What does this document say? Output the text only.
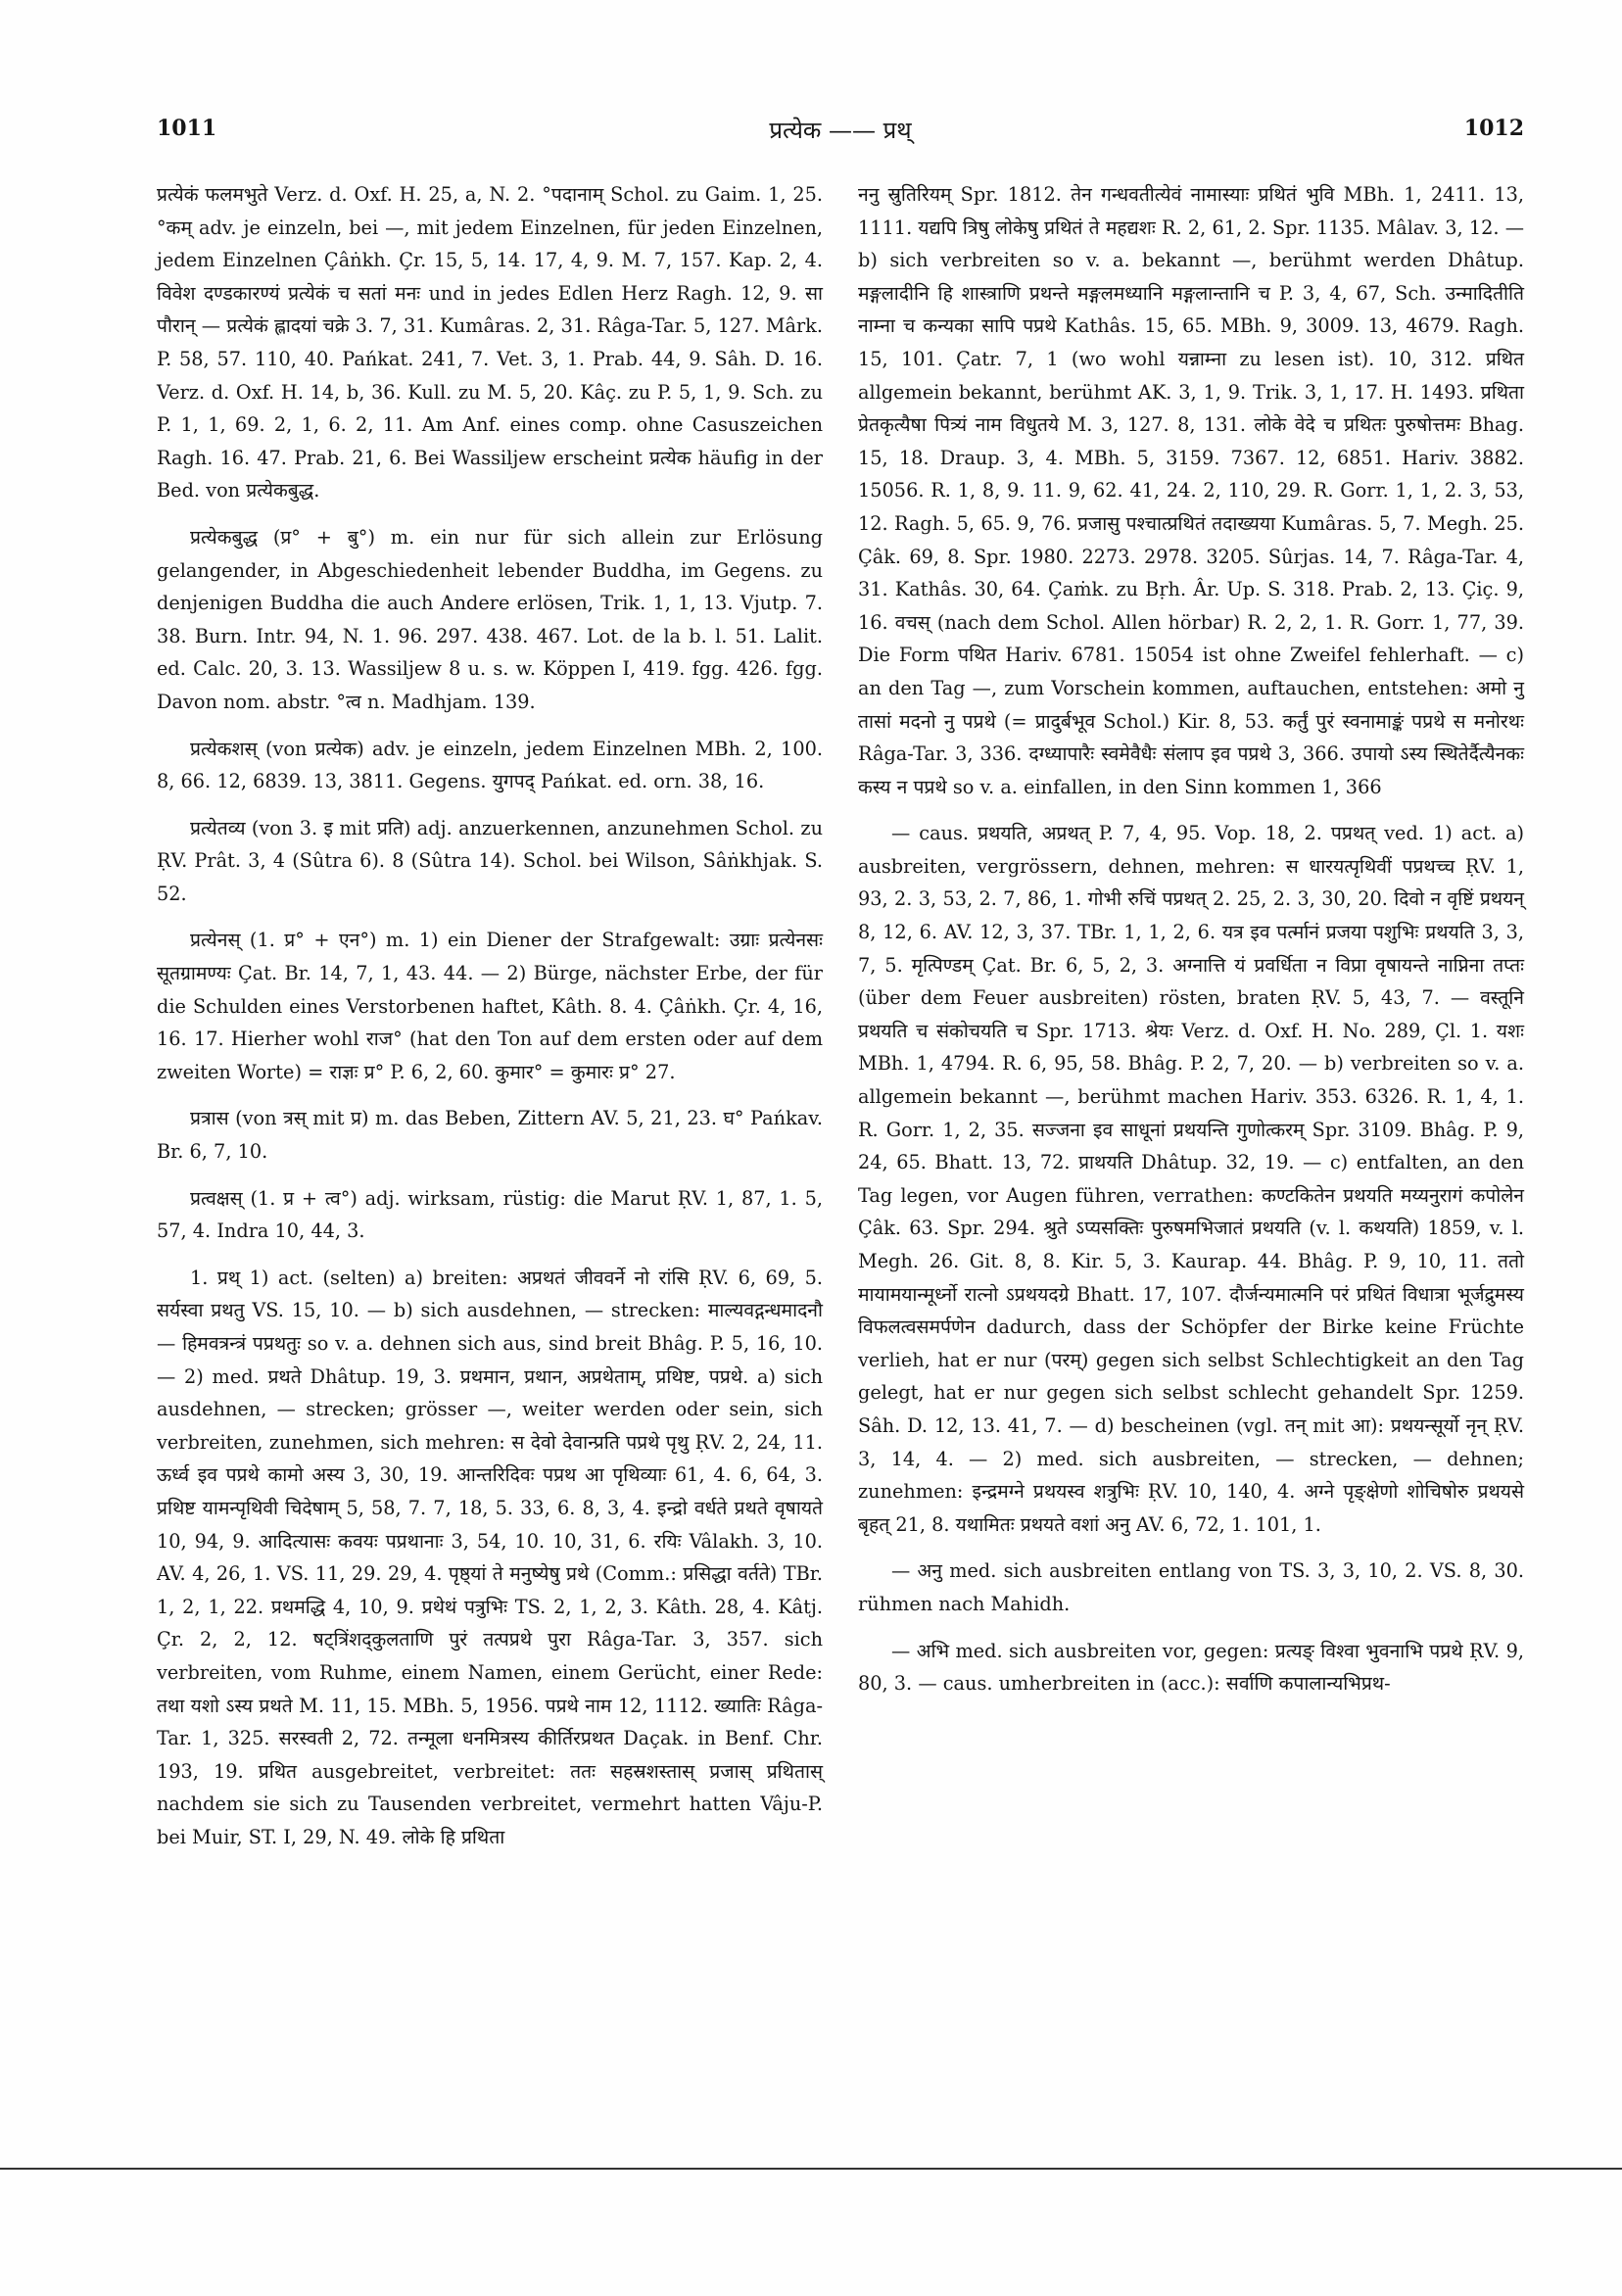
1011	प्रत्येक —— प्रथ्	1012

प्रत्येकं फलमभुते Verz. d. Oxf. H. 25, a, N. 2. °पदानाम् Schol. zu Gaim. 1, 25. °कम् adv. je einzeln, bei —, mit jedem Einzelnen, für jeden Einzelnen, jedem Einzelnen Çâṅkh. Çr. 15, 5, 14. 17, 4, 9. M. 7, 157. Kap. 2, 4. विवेश दण्डकारण्यं प्रत्येकं च सतां मनः und in jedes Edlen Herz Ragh. 12, 9. सा पौरान् — प्रत्येकं ह्लादयां चक्रे 3. 7, 31. Kumâras. 2, 31. Râga-Tar. 5, 127. Mârk. P. 58, 57. 110, 40. Pańkat. 241, 7. Vet. 3, 1. Prab. 44, 9. Sâh. D. 16. Verz. d. Oxf. H. 14, b, 36. Kull. zu M. 5, 20. Kâç. zu P. 5, 1, 9. Sch. zu P. 1, 1, 69. 2, 1, 6. 2, 11. Am Anf. eines comp. ohne Casuszeichen Ragh. 16. 47. Prab. 21, 6. Bei Wassiljew erscheint प्रत्येक häufig in der Bed. von प्रत्येकबुद्ध.

प्रत्येकबुद्ध (प्र° + बु°) m. ein nur für sich allein zur Erlösung gelangender, in Abgeschiedenheit lebender Buddha, im Gegens. zu denjenigen Buddha die auch Andere erlösen, Trik. 1, 1, 13. Vjutp. 7. 38. Burn. Intr. 94, N. 1. 96. 297. 438. 467. Lot. de la b. l. 51. Lalit. ed. Calc. 20, 3. 13. Wassiljew 8 u. s. w. Köppen I, 419. fgg. 426. fgg. Davon nom. abstr. °त्व n. Madhjam. 139.

प्रत्येकशस् (von प्रत्येक) adv. je einzeln, jedem Einzelnen MBh. 2, 100. 8, 66. 12, 6839. 13, 3811. Gegens. युगपद् Pańkat. ed. orn. 38, 16.

प्रत्येतव्य (von 3. इ mit प्रति) adj. anzuerkennen, anzunehmen Schol. zu ṚV. Prât. 3, 4 (Sûtra 6). 8 (Sûtra 14). Schol. bei Wilson, Sâṅkhjak. S. 52.

प्रत्येनस् (1. प्र° + एन°) m. 1) ein Diener der Strafgewalt: उग्राः प्रत्येनसः सूतग्रामण्यः Çat. Br. 14, 7, 1, 43. 44. — 2) Bürge, nächster Erbe, der für die Schulden eines Verstorbenen haftet, Kâth. 8. 4. Çâṅkh. Çr. 4, 16, 16. 17. Hierher wohl राज° (hat den Ton auf dem ersten oder auf dem zweiten Worte) = राज्ञः प्र° P. 6, 2, 60. कुमार° = कुमारः प्र° 27.

प्रत्रास (von त्रस् mit प्र) m. das Beben, Zittern AV. 5, 21, 23. घ° Pańkav. Br. 6, 7, 10.

प्रत्वक्षस् (1. प्र + त्व°) adj. wirksam, rüstig: die Marut ṚV. 1, 87, 1. 5, 57, 4. Indra 10, 44, 3.

1. प्रथ् 1) act. (selten) a) breiten: अप्रथतं जीववर्ने नो रांसि ṚV. 6, 69, 5. सर्यस्वा प्रथतु VS. 15, 10. — b) sich ausdehnen, — strecken: माल्यवद्गन्धमादनौ — हिमवत्रन्त्रं पप्रथतुः so v. a. dehnen sich aus, sind breit Bhâg. P. 5, 16, 10. — 2) med. प्रथते Dhâtup. 19, 3. प्रथमान, प्रथान, अप्रथेताम्, प्रथिष्ट, पप्रथे. a) sich ausdehnen, — strecken; grösser —, weiter werden oder sein, sich verbreiten, zunehmen, sich mehren: स देवो देवान्प्रति पप्रथे पृथु ṚV. 2, 24, 11. ऊर्ध्व इव पप्रथे कामो अस्य 3, 30, 19. आन्तरिदिवः पप्रथ आ पृथिव्याः 61, 4. 6, 64, 3. प्रथिष्ट यामन्पृथिवी चिदेषाम् 5, 58, 7. 7, 18, 5. 33, 6. 8, 3, 4. इन्द्रो वर्धते प्रथते वृषायते 10, 94, 9. आदित्यासः कवयः पप्रथानाः 3, 54, 10. 10, 31, 6. रयिः Vâlakh. 3, 10. AV. 4, 26, 1. VS. 11, 29. 29, 4. पृष्ठ्यां ते मनुष्येषु प्रथे (Comm.: प्रसिद्धा वर्तते) TBr. 1, 2, 1, 22. प्रथमद्धि 4, 10, 9. प्रथेथं पत्रुभिः TS. 2, 1, 2, 3. Kâth. 28, 4. Kâtj. Çr. 2, 2, 12. षट्त्रिंशद्कुलताणि पुरं तत्पप्रथे पुरा Râga-Tar. 3, 357. sich verbreiten, vom Ruhme, einem Namen, einem Gerücht, einer Rede: तथा यशो ऽस्य प्रथते M. 11, 15. MBh. 5, 1956. पप्रथे नाम 12, 1112. ख्यातिः Râga-Tar. 1, 325. सरस्वती 2, 72. तन्मूला धनमित्रस्य कीर्तिरप्रथत Daçak. in Benf. Chr. 193, 19. प्रथित ausgebreitet, verbreitet: ततः सहस्रशस्तास् प्रजास् प्रथितास् nachdem sie sich zu Tausenden verbreitet, vermehrt hatten Vâju-P. bei Muir, ST. I, 29, N. 49. लोके हि प्रथिता

ननु स्रुतिरियम् Spr. 1812. तेन गन्धवतीत्येवं नामास्याः प्रथितं भुवि MBh. 1, 2411. 13, 1111. यद्यपि त्रिषु लोकेषु प्रथितं ते महद्यशः R. 2, 61, 2. Spr. 1135. Mâlav. 3, 12. — b) sich verbreiten so v. a. bekannt —, berühmt werden Dhâtup. मङ्गलादीनि हि शास्त्राणि प्रथन्ते मङ्गलमध्यानि मङ्गलान्तानि च P. 3, 4, 67, Sch. उन्मादितीति नाम्ना च कन्यका सापि पप्रथे Kathâs. 15, 65. MBh. 9, 3009. 13, 4679. Ragh. 15, 101. Çatr. 7, 1 (wo wohl यन्नाम्ना zu lesen ist). 10, 312. प्रथित allgemein bekannt, berühmt AK. 3, 1, 9. Trik. 3, 1, 17. H. 1493. प्रथिता प्रेतकृत्यैषा पित्र्यं नाम विधुतये M. 3, 127. 8, 131. लोके वेदे च प्रथितः पुरुषोत्तमः Bhag. 15, 18. Draup. 3, 4. MBh. 5, 3159. 7367. 12, 6851. Hariv. 3882. 15056. R. 1, 8, 9. 11. 9, 62. 41, 24. 2, 110, 29. R. Gorr. 1, 1, 2. 3, 53, 12. Ragh. 5, 65. 9, 76. प्रजासु पश्चात्प्रथितं तदाख्यया Kumâras. 5, 7. Megh. 25. Çâk. 69, 8. Spr. 1980. 2273. 2978. 3205. Sûrjas. 14, 7. Râga-Tar. 4, 31. Kathâs. 30, 64. Çaṁk. zu Bṛh. Âr. Up. S. 318. Prab. 2, 13. Çiç. 9, 16. वचस् (nach dem Schol. Allen hörbar) R. 2, 2, 1. R. Gorr. 1, 77, 39. Die Form पथित Hariv. 6781. 15054 ist ohne Zweifel fehlerhaft. — c) an den Tag —, zum Vorschein kommen, auftauchen, entstehen: अमो नु तासां मदनो नु पप्रथे (= प्रादुर्बभूव Schol.) Kir. 8, 53. कर्तुं पुरं स्वनामाङ्कं पप्रथे स मनोरथः Râga-Tar. 3, 336. दग्ध्यापारैः स्वमेवैधैः संलाप इव पप्रथे 3, 366. उपायो ऽस्य स्थितेर्दैत्यैनकः कस्य न पप्रथे so v. a. einfallen, in den Sinn kommen 1, 366

— caus. प्रथयति, अप्रथत् P. 7, 4, 95. Vop. 18, 2. पप्रथत् ved. 1) act. a) ausbreiten, vergrössern, dehnen, mehren: स धारयत्पृथिवीं पप्रथच्च ṚV. 1, 93, 2. 3, 53, 2. 7, 86, 1. गोभी रुचिं पप्रथत् 2. 25, 2. 3, 30, 20. दिवो न वृष्टिं प्रथयन् 8, 12, 6. AV. 12, 3, 37. TBr. 1, 1, 2, 6. यत्र इव पर्त्मानं प्रजया पशुभिः प्रथयति 3, 3, 7, 5. मृत्पिण्डम् Çat. Br. 6, 5, 2, 3. अग्नात्ति यं प्रवर्धिता न विप्रा वृषायन्ते नाप्निना तप्तः (über dem Feuer ausbreiten) rösten, braten ṚV. 5, 43, 7. — वस्तूनि प्रथयति च संकोचयति च Spr. 1713. श्रेयः Verz. d. Oxf. H. No. 289, Çl. 1. यशः MBh. 1, 4794. R. 6, 95, 58. Bhâg. P. 2, 7, 20. — b) verbreiten so v. a. allgemein bekannt —, berühmt machen Hariv. 353. 6326. R. 1, 4, 1. R. Gorr. 1, 2, 35. सज्जना इव साधूनां प्रथयन्ति गुणोत्करम् Spr. 3109. Bhâg. P. 9, 24, 65. Bhatt. 13, 72. प्राथयति Dhâtup. 32, 19. — c) entfalten, an den Tag legen, vor Augen führen, verrathen: कण्टकितेन प्रथयति मय्यनुरागं कपोलेन Çâk. 63. Spr. 294. श्रुते ऽप्यसक्तिः पुरुषमभिजातं प्रथयति (v. l. कथयति) 1859, v. l. Megh. 26. Git. 8, 8. Kir. 5, 3. Kaurap. 44. Bhâg. P. 9, 10, 11. ततो मायामयान्मूर्ध्नो रात्नो ऽप्रथयदग्रे Bhatt. 17, 107. दौर्जन्यमात्मनि परं प्रथितं विधात्रा भूर्जद्रुमस्य विफलत्वसमर्पणेन dadurch, dass der Schöpfer der Birke keine Früchte verlieh, hat er nur (परम्) gegen sich selbst Schlechtigkeit an den Tag gelegt, hat er nur gegen sich selbst schlecht gehandelt Spr. 1259. Sâh. D. 12, 13. 41, 7. — d) bescheinen (vgl. तन् mit आ): प्रथयन्सूर्यो नृन् ṚV. 3, 14, 4. — 2) med. sich ausbreiten, — strecken, — dehnen; zunehmen: इन्द्रमग्ने प्रथयस्व शत्रुभिः ṚV. 10, 140, 4. अग्ने पृङ्क्षेणो शोचिषोरु प्रथयसे बृहत् 21, 8. यथामितः प्रथयते वशां अनु AV. 6, 72, 1. 101, 1.

— अनु med. sich ausbreiten entlang von TS. 3, 3, 10, 2. VS. 8, 30. rühmen nach Mahidh.

— अभि med. sich ausbreiten vor, gegen: प्रत्यङ् विश्वा भुवनाभि पप्रथे ṚV. 9, 80, 3. — caus. umherbreiten in (acc.): सर्वाणि कपालान्यभिप्रथ-
